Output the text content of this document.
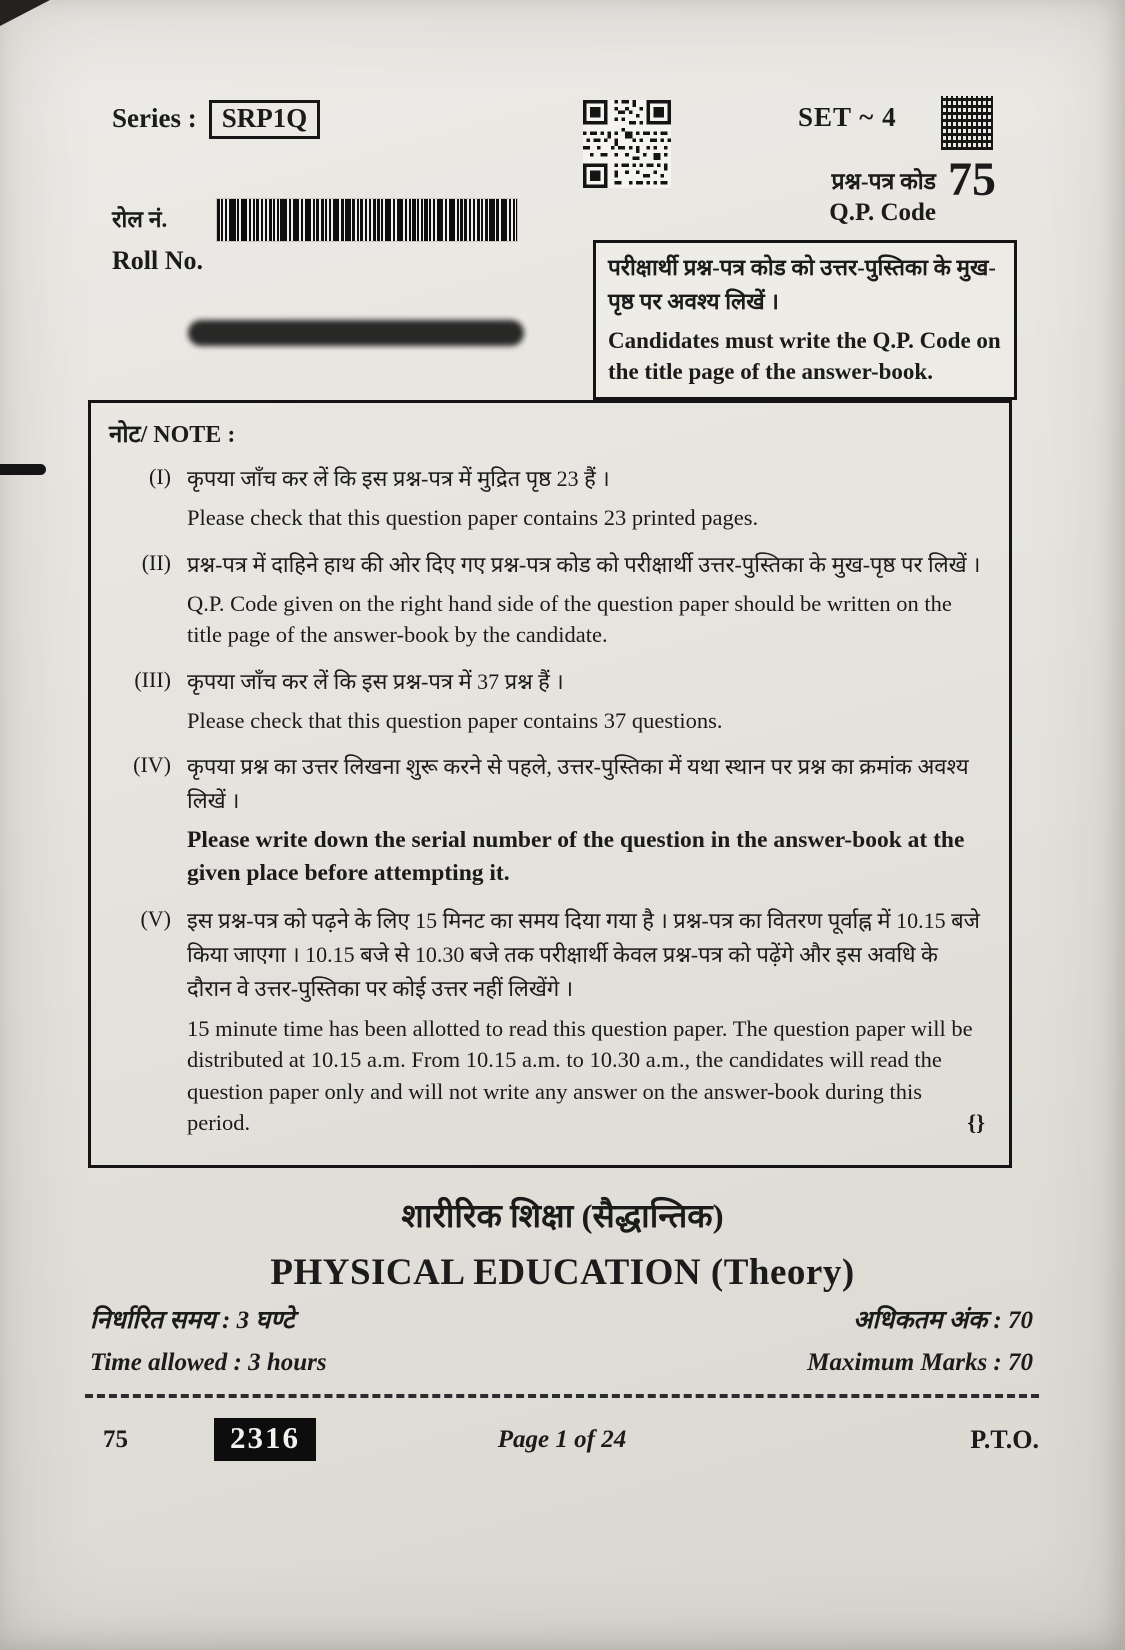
Series : SRP1Q	SET ~ 4
प्रश्न-पत्र कोड
Q.P. Code
75
रोल नं.
Roll No.	परीक्षार्थी प्रश्न-पत्र कोड को उत्तर-पुस्तिका के मुख-पृष्ठ पर अवश्य लिखें ।

Candidates must write the Q.P. Code on the title page of the answer-book.

नोट/ NOTE :
(I) कृपया जाँच कर लें कि इस प्रश्न-पत्र में मुद्रित पृष्ठ 23 हैं ।

Please check that this question paper contains 23 printed pages.

(II) प्रश्न-पत्र में दाहिने हाथ की ओर दिए गए प्रश्न-पत्र कोड को परीक्षार्थी उत्तर-पुस्तिका के मुख-पृष्ठ पर लिखें ।

Q.P. Code given on the right hand side of the question paper should be written on the title page of the answer-book by the candidate.

(III) कृपया जाँच कर लें कि इस प्रश्न-पत्र में 37 प्रश्न हैं ।

Please check that this question paper contains 37 questions.

(IV) कृपया प्रश्न का उत्तर लिखना शुरू करने से पहले, उत्तर-पुस्तिका में यथा स्थान पर प्रश्न का क्रमांक अवश्य लिखें ।

Please write down the serial number of the question in the answer-book at the given place before attempting it.

(V) इस प्रश्न-पत्र को पढ़ने के लिए 15 मिनट का समय दिया गया है । प्रश्न-पत्र का वितरण पूर्वाह्न में 10.15 बजे किया जाएगा । 10.15 बजे से 10.30 बजे तक परीक्षार्थी केवल प्रश्न-पत्र को पढ़ेंगे और इस अवधि के दौरान वे उत्तर-पुस्तिका पर कोई उत्तर नहीं लिखेंगे ।

15 minute time has been allotted to read this question paper. The question paper will be distributed at 10.15 a.m. From 10.15 a.m. to 10.30 a.m., the candidates will read the question paper only and will not write any answer on the answer-book during this period.	{}

शारीरिक शिक्षा (सैद्धान्तिक)
PHYSICAL EDUCATION (Theory)
निर्धारित समय : 3 घण्टे
Time allowed : 3 hours
अधिकतम अंक : 70
Maximum Marks : 70
75	2316	Page 1 of 24	P.T.O.
